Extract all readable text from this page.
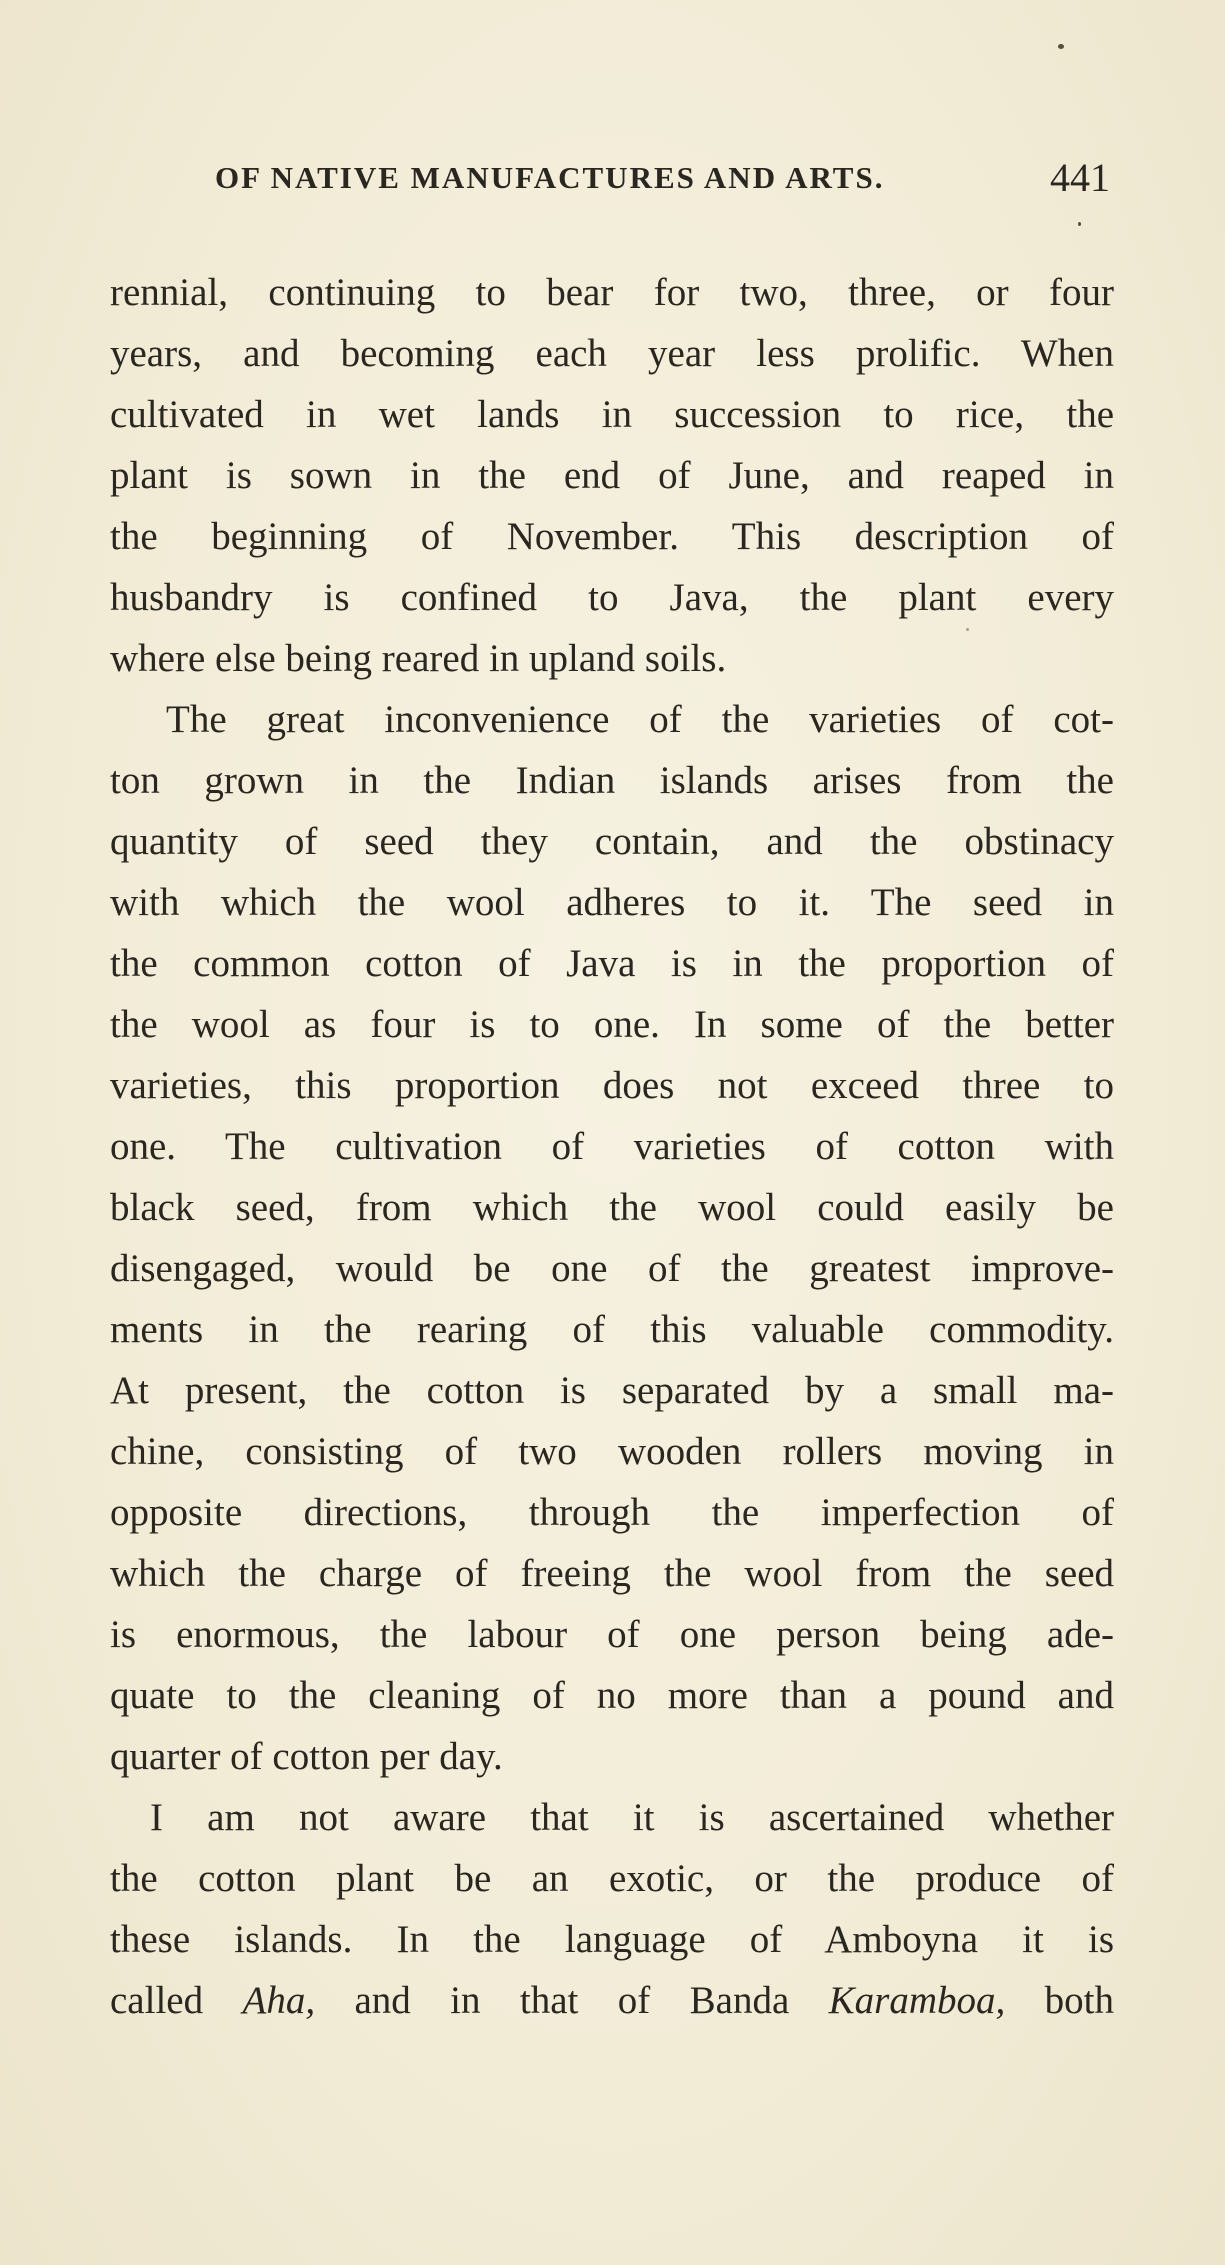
OF NATIVE MANUFACTURES AND ARTS.	441
rennial, continuing to bear for two, three, or four
years, and becoming each year less prolific. When
cultivated in wet lands in succession to rice, the
plant is sown in the end of June, and reaped in
the beginning of November. This description of
husbandry is confined to Java, the plant every
where else being reared in upland soils.
The great inconvenience of the varieties of cot-
ton grown in the Indian islands arises from the
quantity of seed they contain, and the obstinacy
with which the wool adheres to it. The seed in
the common cotton of Java is in the proportion of
the wool as four is to one. In some of the better
varieties, this proportion does not exceed three to
one. The cultivation of varieties of cotton with
black seed, from which the wool could easily be
disengaged, would be one of the greatest improve-
ments in the rearing of this valuable commodity.
At present, the cotton is separated by a small ma-
chine, consisting of two wooden rollers moving in
opposite directions, through the imperfection of
which the charge of freeing the wool from the seed
is enormous, the labour of one person being ade-
quate to the cleaning of no more than a pound and
quarter of cotton per day.
I am not aware that it is ascertained whether
the cotton plant be an exotic, or the produce of
these islands. In the language of Amboyna it is
called Aha, and in that of Banda Karamboa, both
